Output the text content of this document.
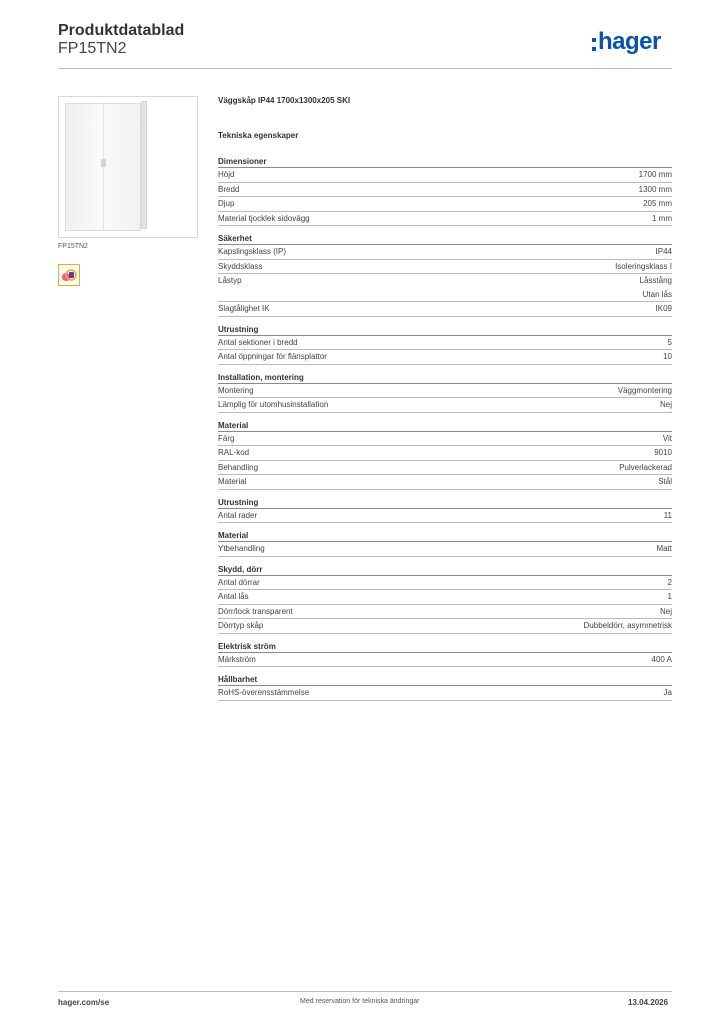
Produktdatablad
FP15TN2	hager
FP15TN2
Väggskåp IP44 1700x1300x205 SKI
Tekniska egenskaper
Dimensioner
Höjd	1700 mm
Bredd	1300 mm
Djup	205 mm
Material tjocklek sidovägg	1 mm
Säkerhet
Kapslingsklass (IP)	IP44
Skyddsklass	Isoleringsklass I
Låstyp	Låsstång
Utan lås
Slagtålighet IK	IK09
Utrustning
Antal sektioner i bredd	5
Antal öppningar för flänsplattor	10
Installation, montering
Montering	Väggmontering
Lämplig för utomhusinstallation	Nej
Material
Färg	Vit
RAL-kod	9010
Behandling	Pulverlackerad
Material	Stål
Utrustning
Antal rader	11
Material
Ytbehandling	Matt
Skydd, dörr
Antal dörrar	2
Antal lås	1
Dörr/lock transparent	Nej
Dörrtyp skåp	Dubbeldörr, asymmetrisk
Elektrisk ström
Märkström	400 A
Hållbarhet
RoHS-överensstämmelse	Ja
hager.com/se	Med reservation för tekniska ändringar	13.04.2026
